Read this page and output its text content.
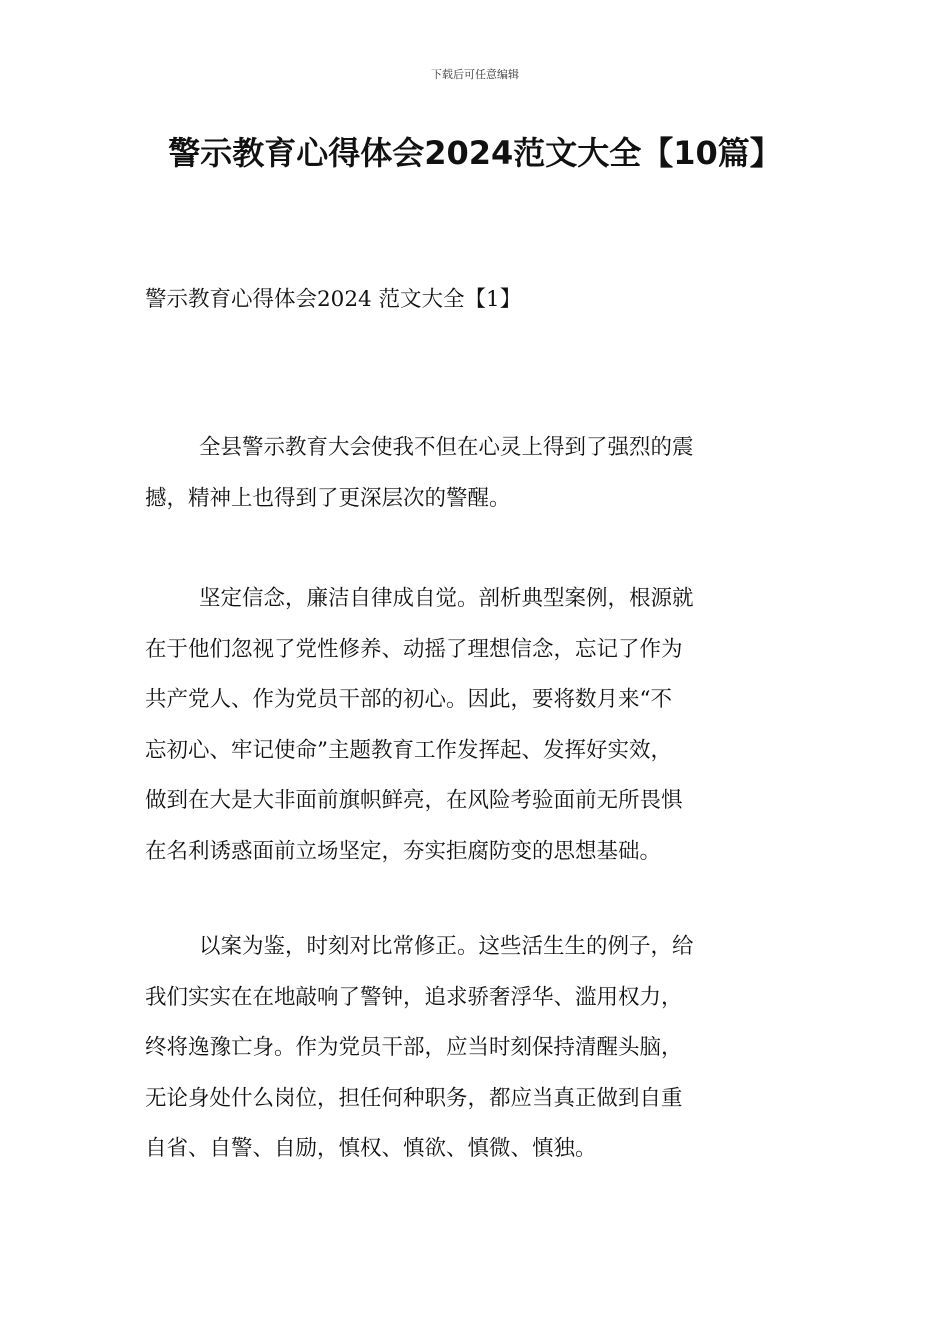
下载后可任意编辑
警示教育心得体会2024范文大全【10篇】
警示教育心得体会2024 范文大全【1】
全县警示教育大会使我不但在心灵上得到了强烈的震
撼，精神上也得到了更深层次的警醒。
坚定信念，廉洁自律成自觉。剖析典型案例，根源就
在于他们忽视了党性修养、动摇了理想信念，忘记了作为
共产党人、作为党员干部的初心。因此，要将数月来“不
忘初心、牢记使命”主题教育工作发挥起、发挥好实效，
做到在大是大非面前旗帜鲜亮，在风险考验面前无所畏惧
在名利诱惑面前立场坚定，夯实拒腐防变的思想基础。
以案为鉴，时刻对比常修正。这些活生生的例子，给
我们实实在在地敲响了警钟，追求骄奢浮华、滥用权力，
终将逸豫亡身。作为党员干部，应当时刻保持清醒头脑，
无论身处什么岗位，担任何种职务，都应当真正做到自重
自省、自警、自励，慎权、慎欲、慎微、慎独。
